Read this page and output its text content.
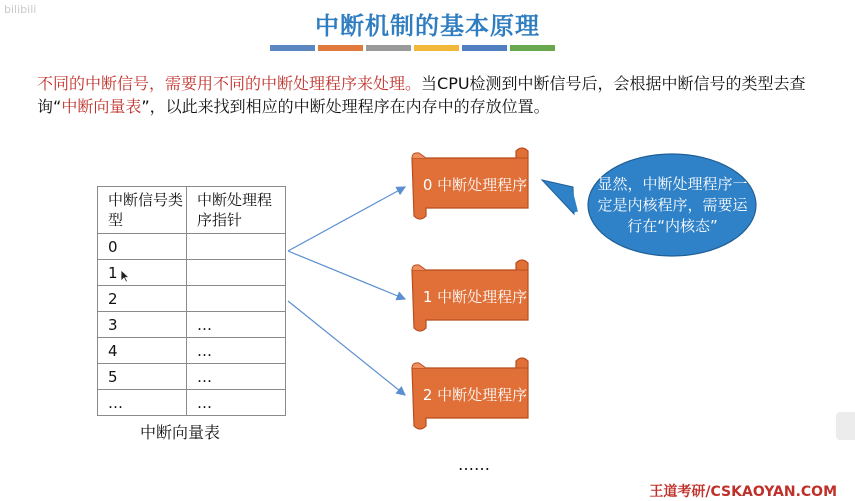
bilibili
中断机制的基本原理
不同的中断信号，需要用不同的中断处理程序来处理。当CPU检测到中断信号后，会根据中断信号的类型去查询“中断向量表”，以此来找到相应的中断处理程序在内存中的存放位置。
中断信号类型	中断处理程序指针
0	
1	
2	
3	…
4	…
5	…
…	…
中断向量表
0 中断处理程序
1 中断处理程序
2 中断处理程序
……
显然，中断处理程序一定是内核程序，需要运行在“内核态”
王道考研/CSKAOYAN.COM
